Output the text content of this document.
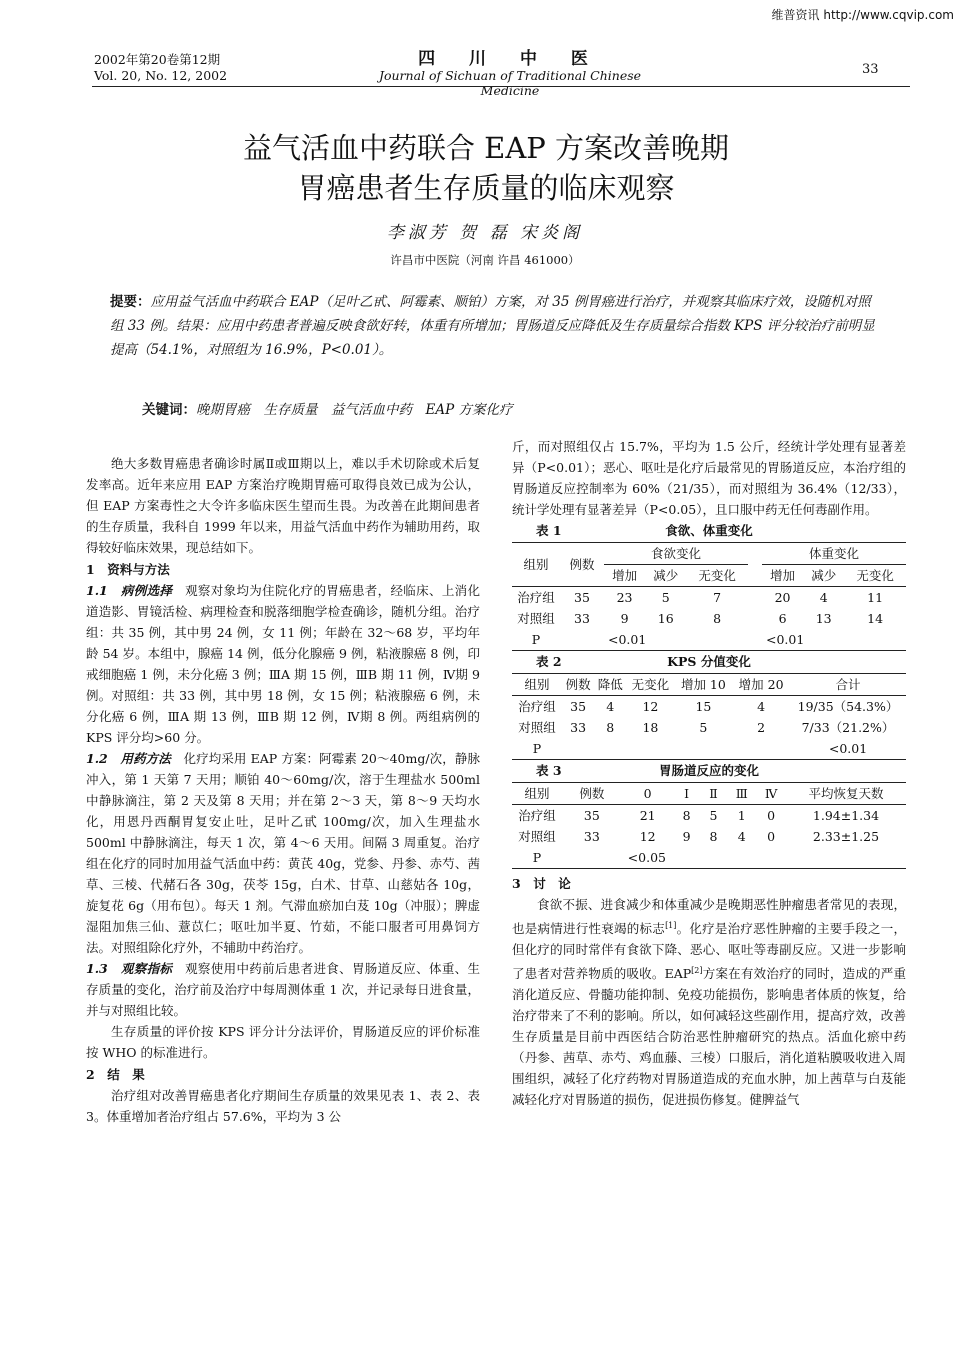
维普资讯 http://www.cqvip.com
2002年第20卷第12期
Vol. 20, No. 12, 2002
四 川 中 医
Journal of Sichuan of Traditional Chinese Medicine
33
益气活血中药联合 EAP 方案改善晚期
胃癌患者生存质量的临床观察
李淑芳 贺 磊 宋炎阁
许昌市中医院（河南 许昌 461000）
提要：应用益气活血中药联合 EAP（足叶乙甙、阿霉素、顺铂）方案，对 35 例胃癌进行治疗，并观察其临床疗效，设随机对照组 33 例。结果：应用中药患者普遍反映食欲好转，体重有所增加；胃肠道反应降低及生存质量综合指数 KPS 评分较治疗前明显提高（54.1%，对照组为 16.9%，P<0.01）。
关键词：晚期胃癌　生存质量　益气活血中药　EAP 方案化疗

绝大多数胃癌患者确诊时属Ⅱ或Ⅲ期以上，难以手术切除或术后复发率高。近年来应用 EAP 方案治疗晚期胃癌可取得良效已成为公认，但 EAP 方案毒性之大令许多临床医生望而生畏。为改善在此期间患者的生存质量，我科自 1999 年以来，用益气活血中药作为辅助用药，取得较好临床效果，现总结如下。

1　资料与方法

1.1　病例选择　观察对象均为住院化疗的胃癌患者，经临床、上消化道造影、胃镜活检、病理检查和脱落细胞学检查确诊，随机分组。治疗组：共 35 例，其中男 24 例，女 11 例；年龄在 32～68 岁，平均年龄 54 岁。本组中，腺癌 14 例，低分化腺癌 9 例，粘液腺癌 8 例，印戒细胞癌 1 例，未分化癌 3 例；ⅢA 期 15 例，ⅢB 期 11 例，Ⅳ期 9 例。对照组：共 33 例，其中男 18 例，女 15 例；粘液腺癌 6 例，未分化癌 6 例，ⅢA 期 13 例，ⅢB 期 12 例，Ⅳ期 8 例。两组病例的 KPS 评分均>60 分。

1.2　用药方法　化疗均采用 EAP 方案：阿霉素 20～40mg/次，静脉冲入，第 1 天第 7 天用；顺铂 40～60mg/次，溶于生理盐水 500ml 中静脉滴注，第 2 天及第 8 天用；并在第 2～3 天，第 8～9 天均水化，用恩丹西酮胃复安止吐，足叶乙甙 100mg/次，加入生理盐水 500ml 中静脉滴注，每天 1 次，第 4～6 天用。间隔 3 周重复。治疗组在化疗的同时加用益气活血中药：黄芪 40g，党参、丹参、赤芍、茜草、三棱、代赭石各 30g，茯苓 15g，白术、甘草、山慈姑各 10g，旋复花 6g（用布包）。每天 1 剂。气滞血瘀加白芨 10g（冲服）；脾虚湿阻加焦三仙、薏苡仁；呕吐加半夏、竹茹，不能口服者可用鼻饲方法。对照组除化疗外，不辅助中药治疗。

1.3　观察指标　观察使用中药前后患者进食、胃肠道反应、体重、生存质量的变化，治疗前及治疗中每周测体重 1 次，并记录每日进食量，并与对照组比较。

生存质量的评价按 KPS 评分计分法评价，胃肠道反应的评价标准按 WHO 的标准进行。

2　结　果

治疗组对改善胃癌患者化疗期间生存质量的效果见表 1、表 2、表 3。体重增加者治疗组占 57.6%，平均为 3 公

斤，而对照组仅占 15.7%，平均为 1.5 公斤，经统计学处理有显著差异（P<0.01）；恶心、呕吐是化疗后最常见的胃肠道反应，本治疗组的胃肠道反应控制率为 60%（21/35），而对照组为 36.4%（12/33），统计学处理有显著差异（P<0.05），且口服中药无任何毒副作用。

表 1	食欲、体重变化
组别	例数	食欲变化				体重变化		
		增加	减少	无变化		增加	减少	无变化
治疗组	35	23	5	7		20	4	11
对照组	33	9	16	8		6	13	14
P		<0.01				<0.01		
表 2	KPS 分值变化
组别	例数	降低	无变化	增加 10	增加 20	合计
治疗组	35	4	12	15	4	19/35（54.3%）
对照组	33	8	18	5	2	7/33（21.2%）
P						<0.01
表 3	胃肠道反应的变化
组别	例数	0	Ⅰ	Ⅱ	Ⅲ	Ⅳ	平均恢复天数
治疗组	35	21	8	5	1	0	1.94±1.34
对照组	33	12	9	8	4	0	2.33±1.25
P		<0.05					

3　讨　论

食欲不振、进食减少和体重减少是晚期恶性肿瘤患者常见的表现，也是病情进行性衰竭的标志[1]。化疗是治疗恶性肿瘤的主要手段之一，但化疗的同时常伴有食欲下降、恶心、呕吐等毒副反应。又进一步影响了患者对营养物质的吸收。EAP[2]方案在有效治疗的同时，造成的严重消化道反应、骨髓功能抑制、免疫功能损伤，影响患者体质的恢复，给治疗带来了不利的影响。所以，如何减轻这些副作用，提高疗效，改善生存质量是目前中西医结合防治恶性肿瘤研究的热点。活血化瘀中药（丹参、茜草、赤芍、鸡血藤、三棱）口服后，消化道粘膜吸收进入周围组织，减轻了化疗药物对胃肠道造成的充血水肿，加上茜草与白芨能减轻化疗对胃肠道的损伤，促进损伤修复。健脾益气
